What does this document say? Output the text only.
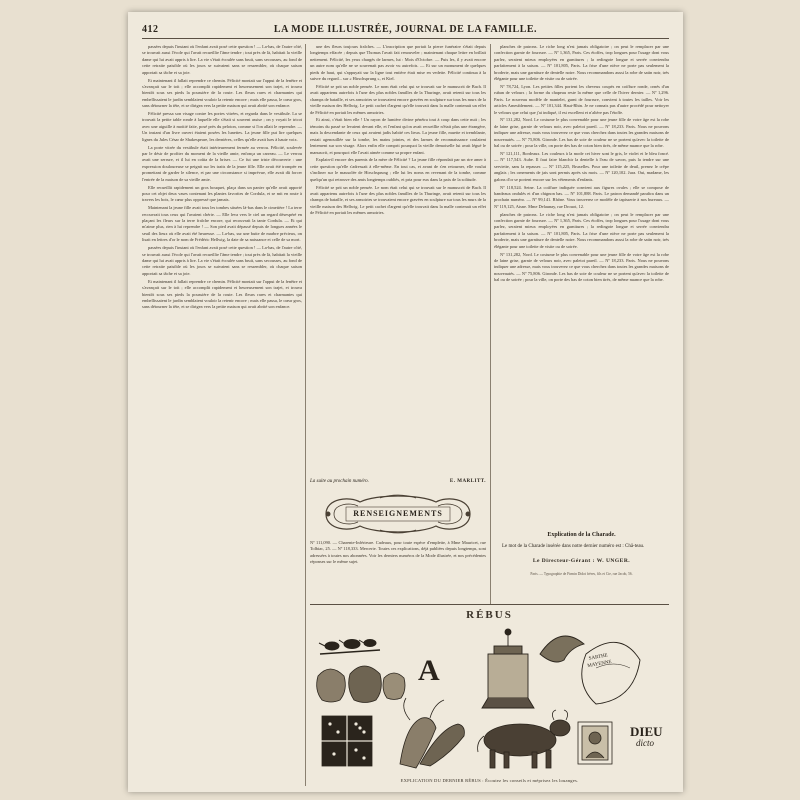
412	LA MODE ILLUSTRÉE, JOURNAL DE LA FAMILLE.

passées depuis l'instant où l'enfant avait posé cette question ! — La-bas, de l'autre côté, se trouvait aussi l'école qui l'avait recueillie l'âme tendre ; tout près de là, habitait la vieille dame qui lui avait appris à lire. La vie s'était écoulée sans bruit, sans secousses, au fond de cette retraite paisible où les jours se suivaient sans se ressembler, où chaque saison apportait sa tâche et sa joie.

Et maintenant il fallait reprendre ce chemin. Félicité montait sur l'appui de la fenêtre et s'avançait sur le toit ; elle accomplit rapidement et heureusement son trajet, et trouva bientôt sous ses pieds la poussière de la route. Les fleurs rares et charmantes qui embellissaient le jardin semblaient vouloir la retenir encore ; mais elle passa, le cœur gros, sans détourner la tête, et se dirigea vers la petite maison qui avait abrité son enfance.

Félicité pressa son visage contre les portes vitrées, et regarda dans le vestibule. La se trouvait la petite table ronde à laquelle elle s'était si souvent assise ; on y voyait le tricot avec une aiguille à moitié faite, posé près du peloton, comme si l'on allait le reprendre. — Un instant d'un livre ouvert étaient posées les lunettes. La jeune fille put lire quelques lignes du Jules César de Shakespeare, les dernières, celles qu'elle avait lues à haute voix.

La porte vitrée du vestibule était intérieurement fermée au verrou. Félicité, soulevée par le désir de profiter du moment de la vieille amie, enfonça un carreau. — Le verrou avait une serrure, et il lui en coûta de la briser. — Ce fut une triste découverte : une expression douloureuse se peignit sur les traits de la jeune fille. Elle avait été trompée en promettant de garder le silence, et par une circonstance si imprévue, elle avait dû forcer l'entrée de la maison de sa vieille amie.

Elle recueillit rapidement un gros bouquet, plaça dans un panier qu'elle avait apporté pour cet objet deux vases contenant les plantes favorites de Cordula, et se mit en route à travers les bois, le cœur plus oppressé que jamais.

Maintenant la jeune fille avait tous les tombes situées là-bas dans le cimetière ! La terre recouvrait tous ceux qui l'avaient chérie. — Elle leva vers le ciel un regard désespéré en plaçant les fleurs sur la terre fraîche encore, qui recouvrait la tante Cordula. — Et qui m'aime plus, rien à lui reprendre ! — Son pied avait dépassé depuis de longues années le seuil des lieux où elle avait été heureuse. — La-bas, sur une butte de marbre précieux, on lisait en lettres d'or le nom de Frédéric Hellwig, la date de sa naissance et celle de sa mort.

passées depuis l'instant où l'enfant avait posé cette question ! — La-bas, de l'autre côté, se trouvait aussi l'école qui l'avait recueillie l'âme tendre ; tout près de là, habitait la vieille dame qui lui avait appris à lire. La vie s'était écoulée sans bruit, sans secousses, au fond de cette retraite paisible où les jours se suivaient sans se ressembler, où chaque saison apportait sa tâche et sa joie.

Et maintenant il fallait reprendre ce chemin. Félicité montait sur l'appui de la fenêtre et s'avançait sur le toit ; elle accomplit rapidement et heureusement son trajet, et trouva bientôt sous ses pieds la poussière de la route. Les fleurs rares et charmantes qui embellissaient le jardin semblaient vouloir la retenir encore ; mais elle passa, le cœur gros, sans détourner la tête, et se dirigea vers la petite maison qui avait abrité son enfance.

une des fleurs toujours fraîches. — L'inscription que portait la pierre funéraire s'était depuis longtemps effacée ; depuis que Thomas l'avait fait renouveler ; maintenant chaque lettre en brillait nettement. Félicité, les yeux chargés de larmes, lut : Mois d'Octobre. — Puis les, il y avait encore un autre nom qu'elle ne se souvenait pas avoir vu autrefois. — Et sur un monument de quelques pieds de haut, qui s'appuyait sur la ligne tout entière était mise en vedette. Félicité continua à la suivre du regard... sur « Hirschsprung », et Kiel.

Félicité se prit un noble pensée. Le nom était celui qui se trouvait sur le manuscrit de Bach. Il avait appartenu autrefois à l'une des plus nobles familles de la Thuringe, avait retenti sur tous les champs de bataille, et ses armoiries se trouvaient encore gravées en sculpture sur tous les murs de la vieille maison des Hellwig. Le petit cachet d'argent qu'elle trouvait dans la malle contenait un effet de Félicité en portait les mêmes armoiries.

Et ainsi, c'était bien elle ! Un rayon de lumière divine pénétra tout à coup dans cette nuit ; les témoins du passé se levaient devant elle, et l'enfant qu'on avait recueillie n'était plus une étrangère, mais la descendante de ceux qui avaient jadis habité ces lieux. La jeune fille, muette et tremblante, restait agenouillée sur la tombe, les mains jointes, et des larmes de reconnaissance coulaient lentement sur son visage. Alors enfin elle comprit pourquoi la vieille demoiselle lui avait légué le manuscrit, et pourquoi elle l'avait aimée comme sa propre enfant.

Explain-il encore des parents de la mère de Félicité ? La jeune fille répondait par un rire amer à cette question qu'elle s'adressait à elle-même. En tout cas, et avant de s'en retourner, elle voulut s'incliner sur le mausolée de Hirschsprung ; elle lut les noms en revenant de la tombe, comme quelqu'un qui retrouve des amis longtemps oubliés, et pria pour eux dans la paix de la solitude.

Félicité se prit un noble pensée. Le nom était celui qui se trouvait sur le manuscrit de Bach. Il avait appartenu autrefois à l'une des plus nobles familles de la Thuringe, avait retenti sur tous les champs de bataille, et ses armoiries se trouvaient encore gravées en sculpture sur tous les murs de la vieille maison des Hellwig. Le petit cachet d'argent qu'elle trouvait dans la malle contenait un effet de Félicité en portait les mêmes armoiries.

La suite au prochain numéro.	E. MARLITT.
RENSEIGNEMENTS
Nº 111,090. — Charente-Inférieure. Cadeaux, pour toute espèce d'emplette, à Mme Mauricet, rue Tolbiac, 25. — Nº 118,333. Mercerie. Toutes ces explications, déjà publiées depuis longtemps, sont adressées à toutes nos abonnées. Voir les derniers numéros de la Mode illustrée, et nos précédentes réponses sur le même sujet.

planches de patrons. Le riche long n'est jamais obligatoire ; on peut le remplacer par une confection garnie de fourrure. — Nº 1,365, Paris. Ces étoffes, trop longues pour l'usage dont vous parlez, seraient mieux employées en garnitures ; la redingote longue et serrée conviendra parfaitement à la saison. — Nº 101,805, Paris. La frise d'une nièce ne porte pas seulement la broderie, mais une garniture de dentelle noire. Nous recommandons aussi la robe de satin noir, très élégante pour une toilette de visite ou de soirée.

Nº 78,724, Lyon. Les petites filles portent les cheveux coupés en coiffure ronde, ornés d'un ruban de velours ; la forme du chapeau reste la même que celle de l'hiver dernier. — Nº 1,296. Paris. Le nouveau modèle de mantelet, garni de fourrure, convient à toutes les tailles. Voir les articles Ameublement. — Nº 101,344. Haut-Rhin. Je ne connais pas d'autre procédé pour nettoyer le velours que celui que j'ai indiqué, il est excellent et n'altère pas l'étoffe.

Nº 131,282, Nord. Le costume le plus convenable pour une jeune fille de votre âge est la robe de laine grise, garnie de velours noir, avec paletot pareil. — Nº 18,233. Paris. Nous ne pouvons indiquer une adresse, mais vous trouverez ce que vous cherchez dans toutes les grandes maisons de nouveautés. — Nº 75,806. Gironde. Les bas de soie de couleur ne se portent qu'avec la toilette de bal ou de soirée ; pour la ville, on porte des bas de coton bien tirés, de même nuance que la robe.

Nº 121,111, Bordeaux. Les couleurs à la mode cet hiver sont le gris, le violet et le bleu foncé. — Nº 117,543. Aube. Il faut faire blanchir la dentelle à l'eau de savon, puis la tendre sur une serviette, sans la repasser. — Nº 115,225, Bruxelles. Pour une toilette de deuil, prenez le crêpe anglais ; les ornements de jais sont permis après six mois. — Nº 120,102. Jura. Oui, madame, les galons d'or se portent encore sur les vêtements d'enfants.

Nº 118,524. Seine. La coiffure indiquée convient aux figures ovales ; elle se compose de bandeaux ondulés et d'un chignon bas. — Nº 101,888. Paris. Le patron demandé paraîtra dans un prochain numéro. — Nº 99,141. Rhône. Vous trouverez ce modèle de tapisserie à nos bureaux. — Nº 119,125, Aisne. Mme Delaunay, rue Drouot, 12.

planches de patrons. Le riche long n'est jamais obligatoire ; on peut le remplacer par une confection garnie de fourrure. — Nº 1,365, Paris. Ces étoffes, trop longues pour l'usage dont vous parlez, seraient mieux employées en garnitures ; la redingote longue et serrée conviendra parfaitement à la saison. — Nº 101,805, Paris. La frise d'une nièce ne porte pas seulement la broderie, mais une garniture de dentelle noire. Nous recommandons aussi la robe de satin noir, très élégante pour une toilette de visite ou de soirée.

Nº 131,282, Nord. Le costume le plus convenable pour une jeune fille de votre âge est la robe de laine grise, garnie de velours noir, avec paletot pareil. — Nº 18,233. Paris. Nous ne pouvons indiquer une adresse, mais vous trouverez ce que vous cherchez dans toutes les grandes maisons de nouveautés. — Nº 75,806. Gironde. Les bas de soie de couleur ne se portent qu'avec la toilette de bal ou de soirée ; pour la ville, on porte des bas de coton bien tirés, de même nuance que la robe.

Explication de la Charade.
Le mot de la Charade insérée dans notre dernier numéro est : Châ-teau.
Le Directeur-Gérant : W. UNGER.
Paris. — Typographie de Firmin Didot frères, fils et Cie, rue Jacob, 56.
RÉBUS
A	SARTHE MAYENNE
DIEU
dicto
EXPLICATION DU DERNIER RÉBUS : Écoutez les conseils et méprisez les louanges.
